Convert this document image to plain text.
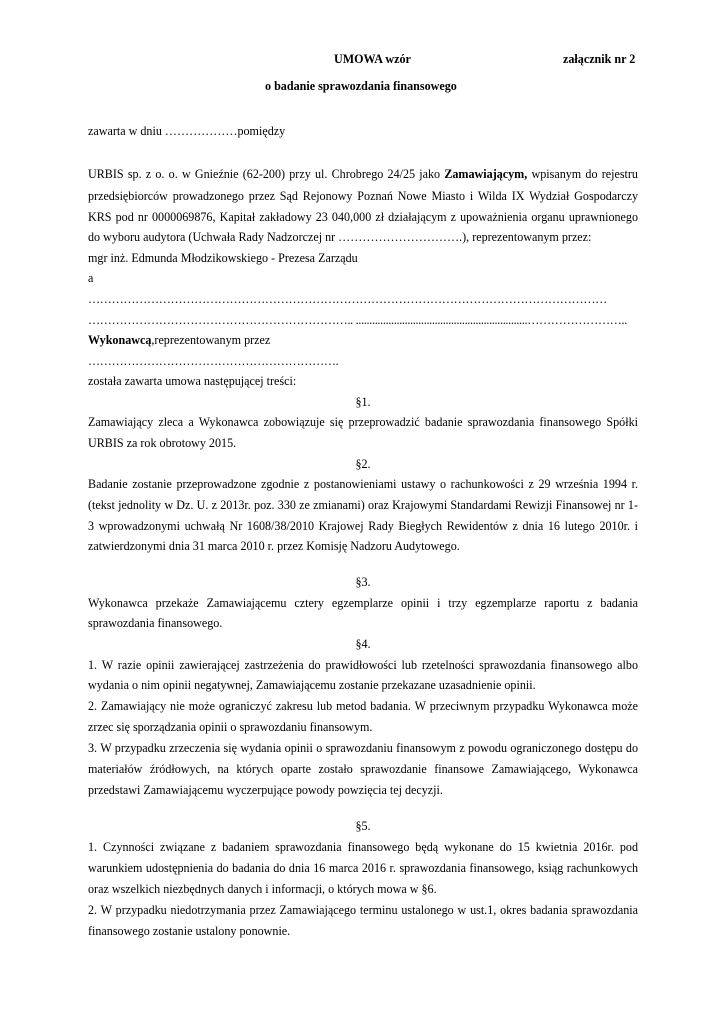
UMOWA wzór	załącznik nr 2
o badanie sprawozdania finansowego
zawarta w dniu ………………pomiędzy
URBIS sp. z o. o. w Gnieźnie (62-200) przy ul. Chrobrego 24/25 jako Zamawiającym, wpisanym do rejestru
przedsiębiorców prowadzonego przez Sąd Rejonowy Poznań Nowe Miasto i Wilda IX Wydział Gospodarczy
KRS pod nr 0000069876, Kapitał zakładowy 23 040,000 zł działającym z upoważnienia organu uprawnionego
do wyboru audytora (Uchwała Rady Nadzorczej nr ………………………….), reprezentowanym przez:
mgr inż. Edmunda Młodzikowskiego - Prezesa Zarządu
a
……………………………………………………………………………………………………………………
………………………………………………………….. ...............................................................……………………..
Wykonawcą,reprezentowanym przez
……………………………………………………….
została zawarta umowa następującej treści:
§1.
Zamawiający zleca a Wykonawca zobowiązuje się przeprowadzić badanie sprawozdania finansowego Spółki
URBIS za rok obrotowy 2015.
§2.
Badanie zostanie przeprowadzone zgodnie z postanowieniami ustawy o rachunkowości z 29 września 1994 r.
(tekst jednolity w Dz. U. z 2013r. poz. 330 ze zmianami) oraz Krajowymi Standardami Rewizji Finansowej nr 1-
3 wprowadzonymi uchwałą Nr 1608/38/2010 Krajowej Rady Biegłych Rewidentów z dnia 16 lutego 2010r. i
zatwierdzonymi dnia 31 marca 2010 r. przez Komisję Nadzoru Audytowego.
§3.
Wykonawca przekaże Zamawiającemu cztery egzemplarze opinii i trzy egzemplarze raportu z badania
sprawozdania finansowego.
§4.
1. W razie opinii zawierającej zastrzeżenia do prawidłowości lub rzetelności sprawozdania finansowego albo
wydania o nim opinii negatywnej, Zamawiającemu zostanie przekazane uzasadnienie opinii.
2. Zamawiający nie może ograniczyć zakresu lub metod badania. W przeciwnym przypadku Wykonawca może
zrzec się sporządzania opinii o sprawozdaniu finansowym.
3. W przypadku zrzeczenia się wydania opinii o sprawozdaniu finansowym z powodu ograniczonego dostępu do
materiałów źródłowych, na których oparte zostało sprawozdanie finansowe Zamawiającego, Wykonawca
przedstawi Zamawiającemu wyczerpujące powody powzięcia tej decyzji.
§5.
1. Czynności związane z badaniem sprawozdania finansowego będą wykonane do 15 kwietnia 2016r. pod
warunkiem udostępnienia do badania do dnia 16 marca 2016 r. sprawozdania finansowego, ksiąg rachunkowych
oraz wszelkich niezbędnych danych i informacji, o których mowa w §6.
2. W przypadku niedotrzymania przez Zamawiającego terminu ustalonego w ust.1, okres badania sprawozdania
finansowego zostanie ustalony ponownie.
